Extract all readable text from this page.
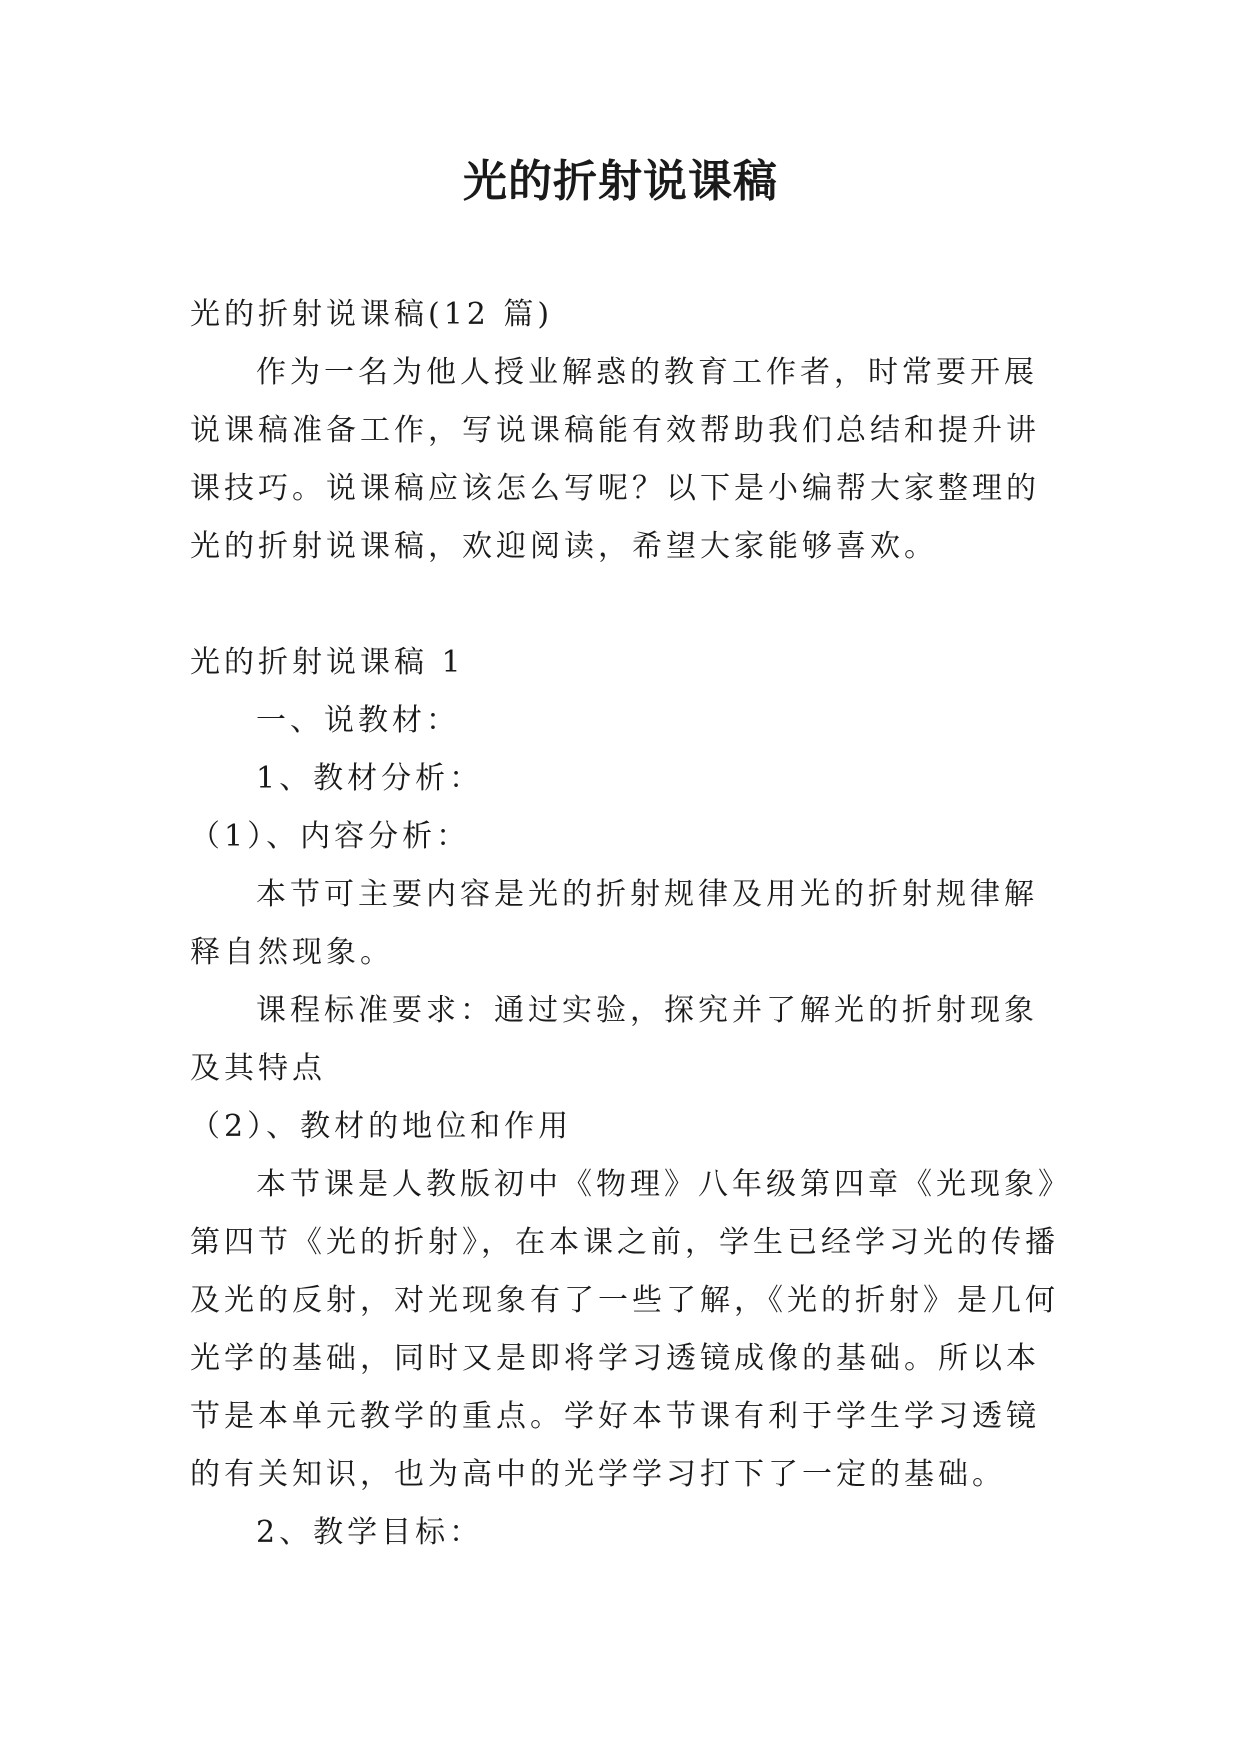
光的折射说课稿

光的折射说课稿(12 篇)

作为一名为他人授业解惑的教育工作者，时常要开展说课稿准备工作，写说课稿能有效帮助我们总结和提升讲课技巧。说课稿应该怎么写呢？以下是小编帮大家整理的光的折射说课稿，欢迎阅读，希望大家能够喜欢。

光的折射说课稿 1

一、说教材：

1、教材分析：

（1）、内容分析：

本节可主要内容是光的折射规律及用光的折射规律解释自然现象。

课程标准要求：通过实验，探究并了解光的折射现象及其特点

（2）、教材的地位和作用

本节课是人教版初中《物理》八年级第四章《光现象》第四节《光的折射》，在本课之前，学生已经学习光的传播及光的反射，对光现象有了一些了解，《光的折射》是几何光学的基础，同时又是即将学习透镜成像的基础。所以本节是本单元教学的重点。学好本节课有利于学生学习透镜的有关知识，也为高中的光学学习打下了一定的基础。

2、教学目标：
